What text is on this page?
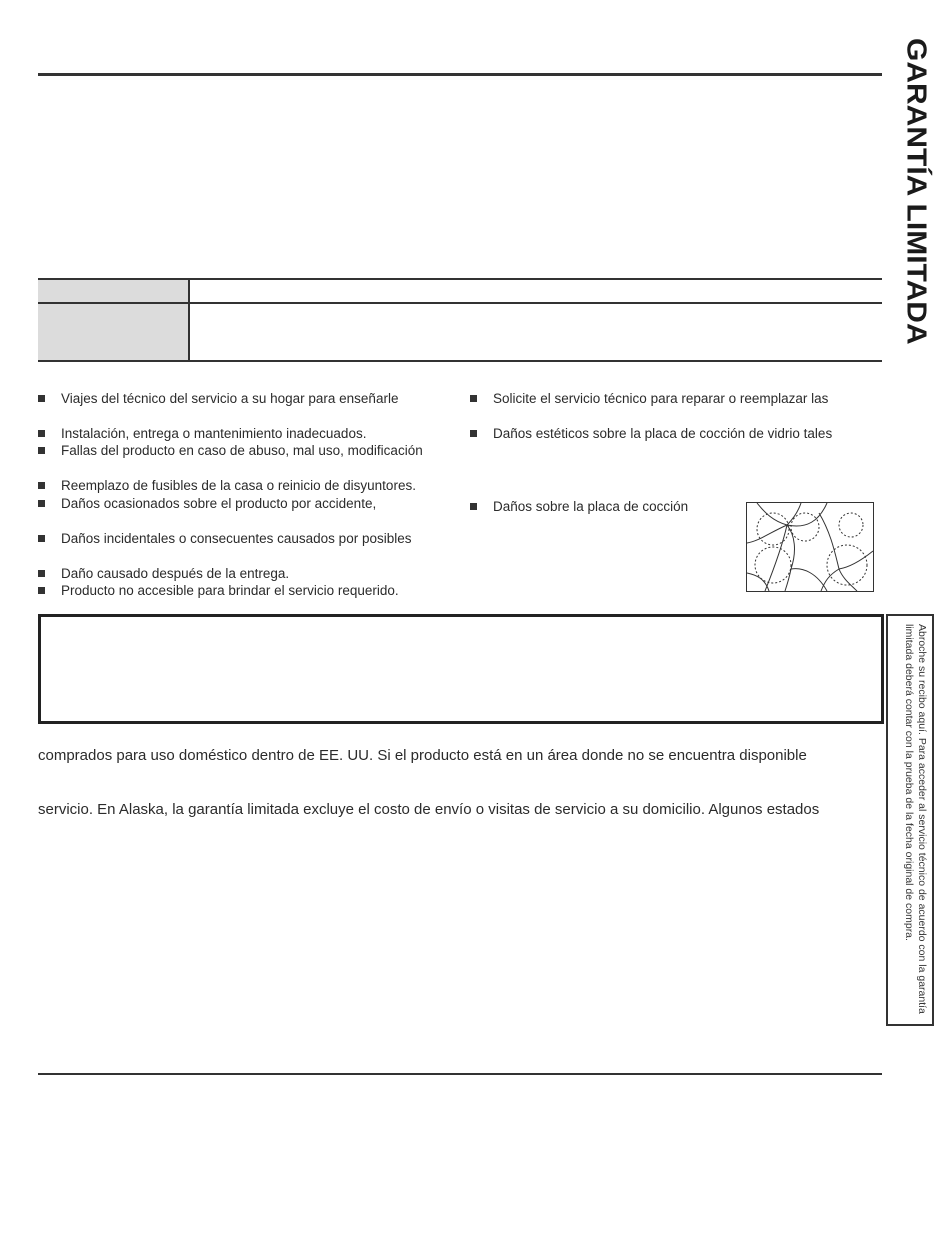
GARANTÍA LIMITADA
Viajes del técnico del servicio a su hogar para enseñarle
Instalación, entrega o mantenimiento inadecuados.
Fallas del producto en caso de abuso, mal uso, modificación
Reemplazo de fusibles de la casa o reinicio de disyuntores.
Daños ocasionados sobre el producto por accidente,
Daños incidentales o consecuentes causados por posibles
Daño causado después de la entrega.
Producto no accesible para brindar el servicio requerido.
Solicite el servicio técnico para reparar o reemplazar las
Daños estéticos sobre la placa de cocción de vidrio tales
Daños sobre la placa de cocción
comprados para uso doméstico dentro de EE. UU. Si el producto está en un área donde no se encuentra disponible
servicio. En Alaska, la garantía limitada excluye el costo de envío o visitas de servicio a su domicilio. Algunos estados	Abroche su recibo aquí. Para acceder al servicio técnico de acuerdo con la garantía limitada deberá contar con la prueba de la fecha original de compra.
